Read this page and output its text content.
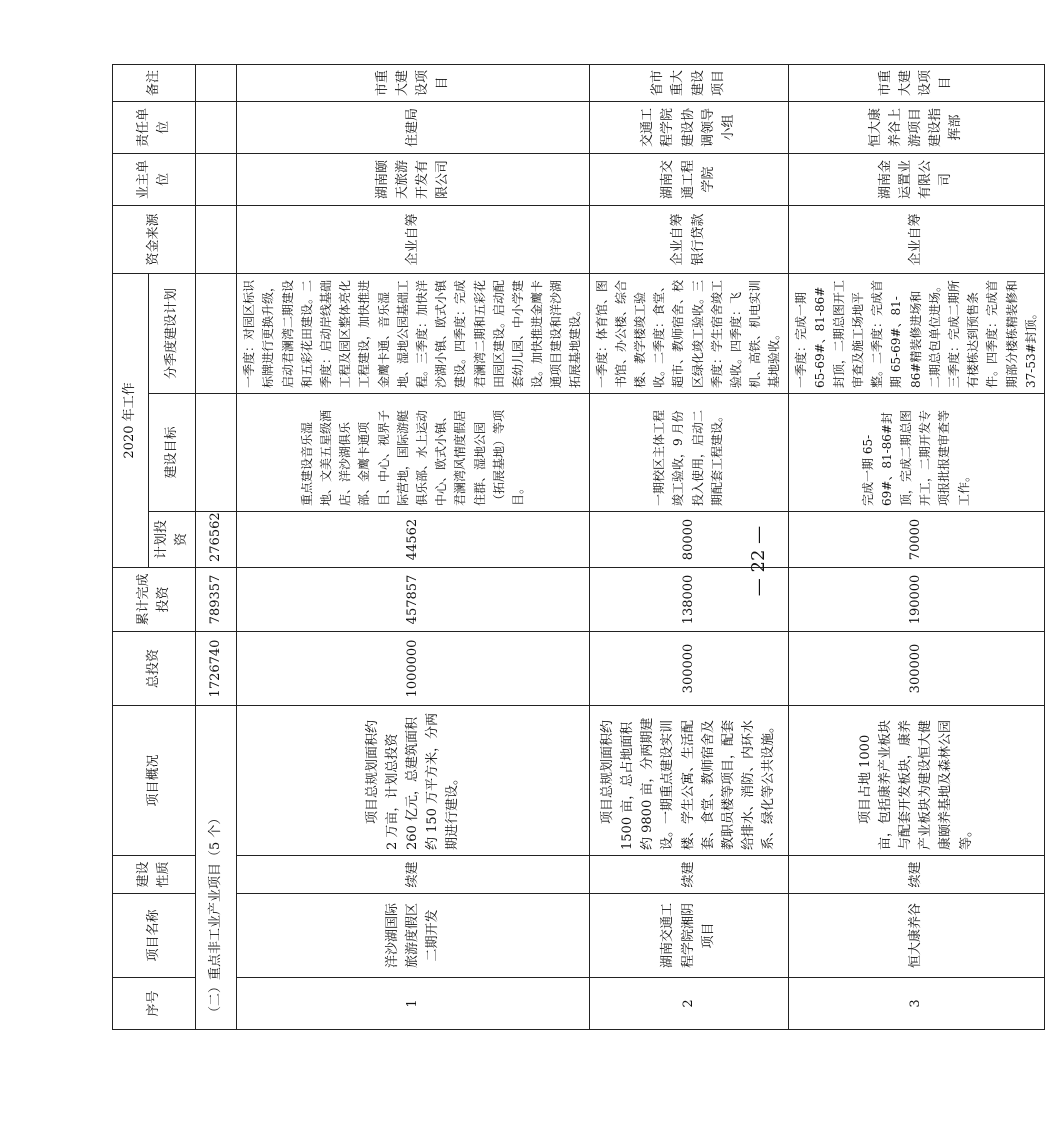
序号	项目名称	建设性质	项目概况	总投资	累计完成投资	2020 年工作			资金来源	业主单位	责任单位	备注
						计划投资	建设目标	分季度建设计划				
（二）重点非工业产业项目（5 个）				1726740	789357	276562						
1	洋沙湖国际旅游度假区二期开发	续建	项目总规划面积约 2 万亩，计划总投资 260 亿元，总建筑面积约 150 万平方米，分两期进行建设。	1000000	457857	44562	重点建设音乐湿地、文美五星级酒店、洋沙湖俱乐部、金鹰卡通项目、中心、视界子际营地，国际游艇俱乐部、水上运动中心、欧式小镇、君澜湾风情度假居住群、湿地公园（拓展基地）等项目。	一季度：对园区标识标牌进行更换升级，启动君澜湾二期建设和五彩花田建设。二季度：启动岸线基础工程及园区整体亮化工程建设，加快推进金鹰卡通、音乐湿地、湿地公园基础工程。三季度：加快洋沙湖小镇、欧式小镇建设。四季度：完成君澜湾二期和五彩花田园区建设。启动配套幼儿园、中小学建设。加快推进金鹰卡通项目建设和洋沙湖拓展基地建设。	企业自筹	湖南颐天旅游开发有限公司	住建局	市重大建设项目
2	湖南交通工程学院湘阴项目	续建	项目总规划面积约 1500 亩，总占地面积约 9800 亩，分两期建设。一期重点建设实训楼、学生公寓、生活配套、食堂、教师宿舍及教职员楼等项目，配套给排水、消防、内环水系、绿化等公共设施。	300000	138000	80000	一期校区主体工程竣工验收，9 月份投入使用，启动二期配套工程建设。	一季度：体育馆、图书馆、办公楼、综合楼、教学楼竣工验收。二季度：食堂、超市、教师宿舍、校区绿化竣工验收。三季度：学生宿舍竣工验收。四季度：飞机、高铁、机电实训基地验收。	企业自筹 银行贷款	湖南交通工程学院	交通工程学院建设协调领导小组	省市重大建设项目
3	恒大康养谷	续建	项目占地 1000 亩，包括康养产业板块与配套开发板块，康养产业板块为建设恒大健康颐养基地及森林公园等。	300000	190000	70000	完成一期 65-69#、81-86#封顶，完成二期总图开工，二期开发专项报批报建审查等工作。	一季度：完成一期 65-69#、81-86#封顶，二期总图开工审查及施工场地平整。二季度：完成首期 65-69#、81-86#精装修进场和二期总包单位进场。三季度：完成二期所有楼栋达到预售条件。四季度：完成首期部分楼栋精装修和 37-53#封顶。	企业自筹	湖南金运置业有限公司	恒大康养谷上游项目建设指挥部	市重大建设项目
— 22 —
